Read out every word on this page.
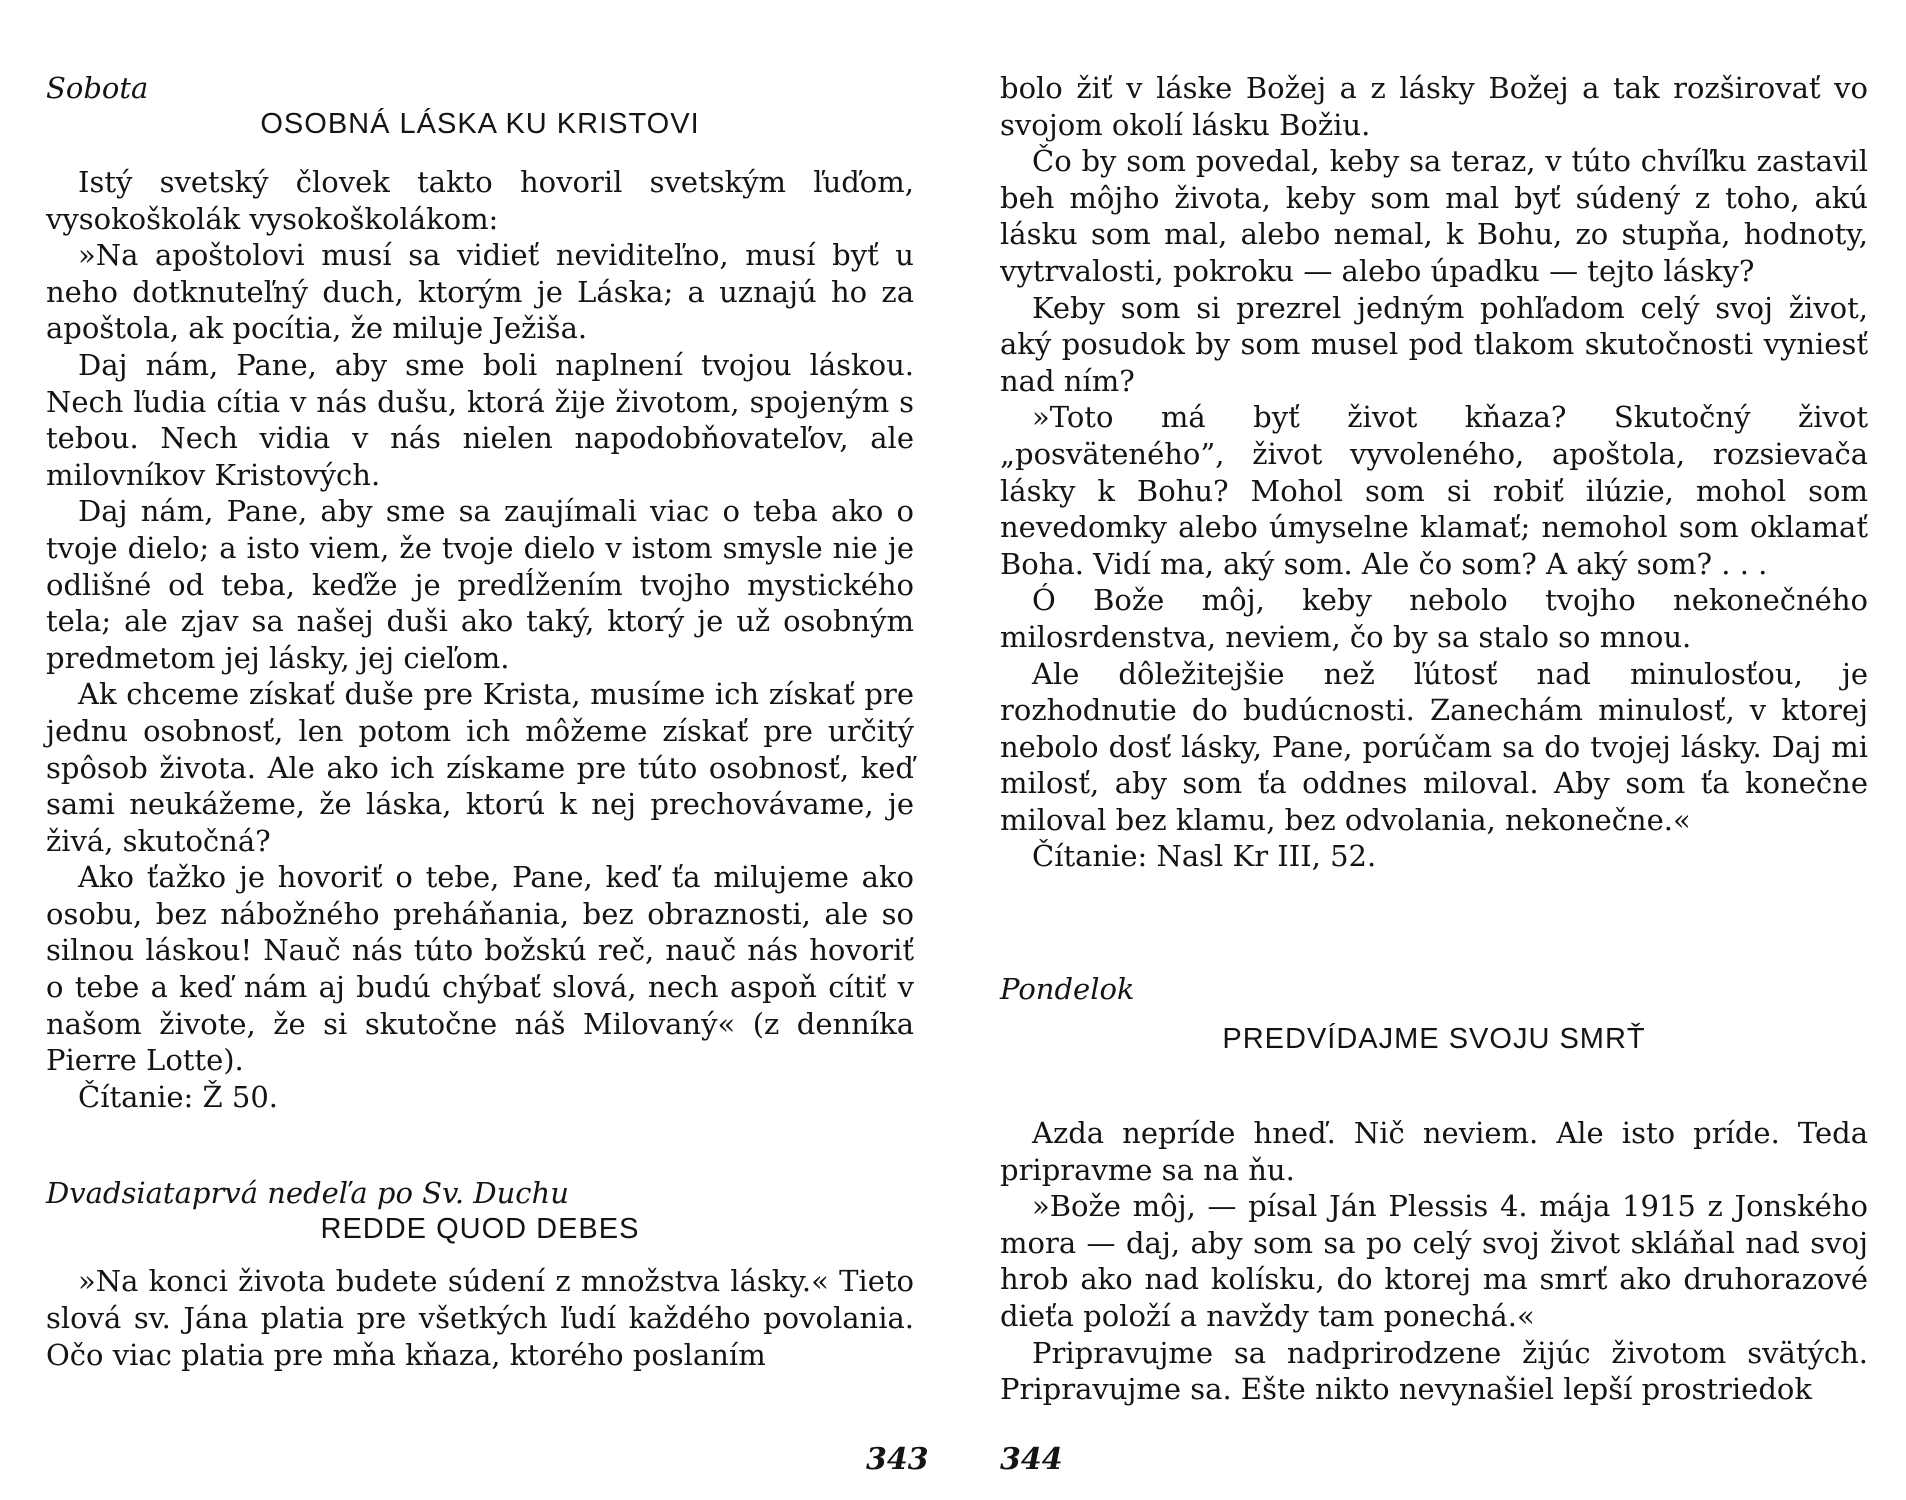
Sobota

OSOBNÁ LÁSKA KU KRISTOVI

Istý svetský človek takto hovoril svetským ľuďom, vysokoškolák vysokoškolákom:

»Na apoštolovi musí sa vidieť neviditeľno, musí byť u neho dotknuteľný duch, ktorým je Láska; a uznajú ho za apoštola, ak pocítia, že miluje Ježiša.

Daj nám, Pane, aby sme boli naplnení tvojou láskou. Nech ľudia cítia v nás dušu, ktorá žije životom, spojeným s tebou. Nech vidia v nás nielen napodobňovateľov, ale milovníkov Kristových.

Daj nám, Pane, aby sme sa zaujímali viac o teba ako o tvoje dielo; a isto viem, že tvoje dielo v istom smysle nie je odlišné od teba, keďže je predĺžením tvojho mystického tela; ale zjav sa našej duši ako taký, ktorý je už osobným predmetom jej lásky, jej cieľom.

Ak chceme získať duše pre Krista, musíme ich získať pre jednu osobnosť, len potom ich môžeme získať pre určitý spôsob života. Ale ako ich získame pre túto osobnosť, keď sami neukážeme, že láska, ktorú k nej prechovávame, je živá, skutočná?

Ako ťažko je hovoriť o tebe, Pane, keď ťa milujeme ako osobu, bez nábožného preháňania, bez obraznosti, ale so silnou láskou! Nauč nás túto božskú reč, nauč nás hovoriť o tebe a keď nám aj budú chýbať slová, nech aspoň cítiť v našom živote, že si skutočne náš Milovaný« (z denníka Pierre Lotte).

Čítanie: Ž 50.

Dvadsiataprvá nedeľa po Sv. Duchu

REDDE QUOD DEBES

»Na konci života budete súdení z množstva lásky.« Tieto slová sv. Jána platia pre všetkých ľudí každého povolania. Očo viac platia pre mňa kňaza, ktorého poslaním

343

bolo žiť v láske Božej a z lásky Božej a tak rozširovať vo svojom okolí lásku Božiu.

Čo by som povedal, keby sa teraz, v túto chvíľku zastavil beh môjho života, keby som mal byť súdený z toho, akú lásku som mal, alebo nemal, k Bohu, zo stupňa, hodnoty, vytrvalosti, pokroku — alebo úpadku — tejto lásky?

Keby som si prezrel jedným pohľadom celý svoj život, aký posudok by som musel pod tlakom skutočnosti vyniesť nad ním?

»Toto má byť život kňaza? Skutočný život „posväteného”, život vyvoleného, apoštola, rozsievača lásky k Bohu? Mohol som si robiť ilúzie, mohol som nevedomky alebo úmyselne klamať; nemohol som oklamať Boha. Vidí ma, aký som. Ale čo som? A aký som? . . .

Ó Bože môj, keby nebolo tvojho nekonečného milosrdenstva, neviem, čo by sa stalo so mnou.

Ale dôležitejšie než ľútosť nad minulosťou, je rozhodnutie do budúcnosti. Zanechám minulosť, v ktorej nebolo dosť lásky, Pane, porúčam sa do tvojej lásky. Daj mi milosť, aby som ťa oddnes miloval. Aby som ťa konečne miloval bez klamu, bez odvolania, nekonečne.«

Čítanie: Nasl Kr III, 52.

Pondelok

PREDVÍDAJME SVOJU SMRŤ

Azda nepríde hneď. Nič neviem. Ale isto príde. Teda pripravme sa na ňu.

»Bože môj, — písal Ján Plessis 4. mája 1915 z Jonského mora — daj, aby som sa po celý svoj život skláňal nad svoj hrob ako nad kolísku, do ktorej ma smrť ako druhorazové dieťa položí a navždy tam ponechá.«

Pripravujme sa nadprirodzene žijúc životom svätých. Pripravujme sa. Ešte nikto nevynašiel lepší prostriedok

344
